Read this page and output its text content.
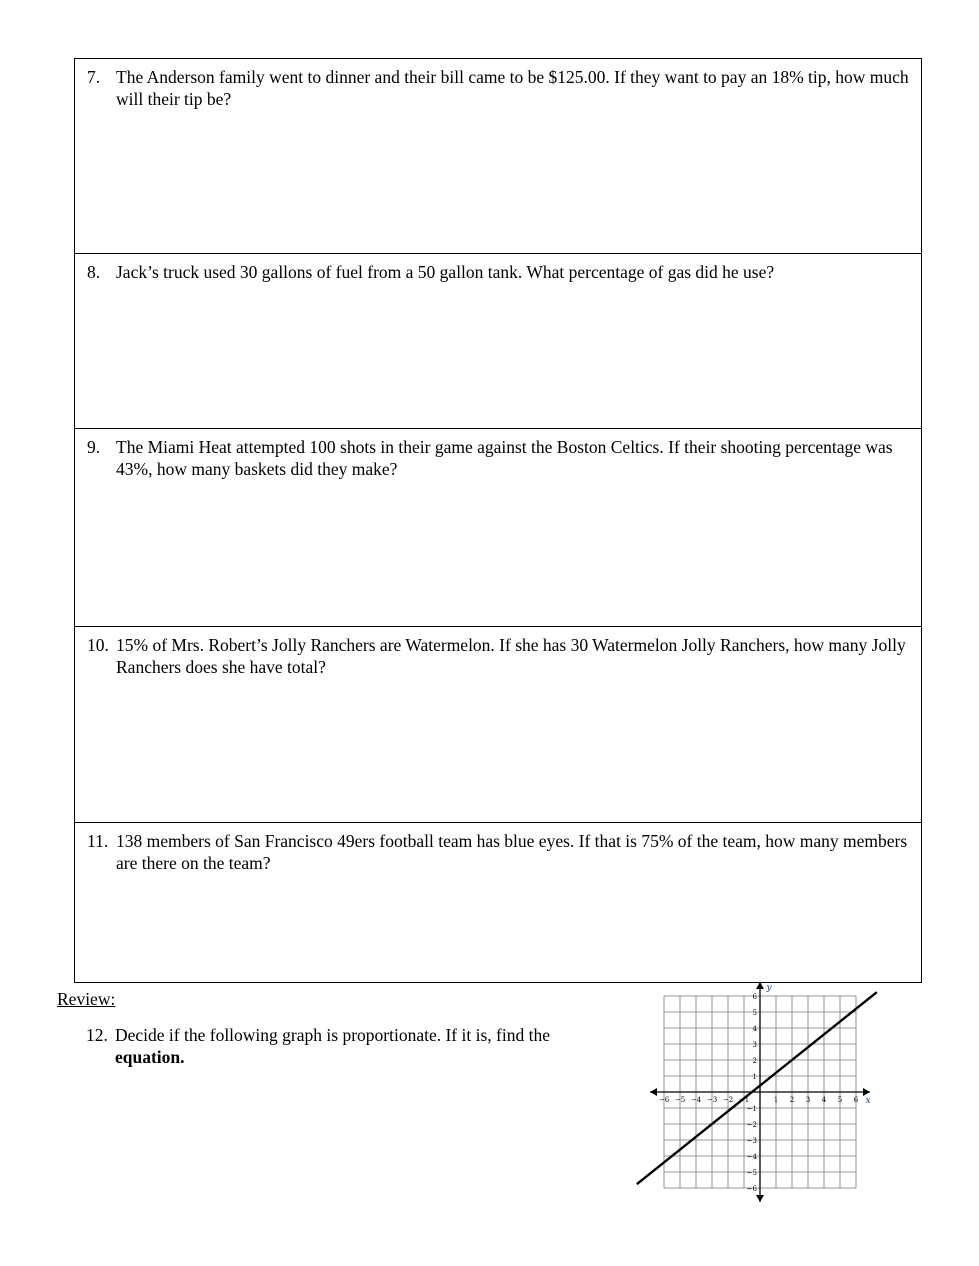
7. The Anderson family went to dinner and their bill came to be $125.00. If they want to pay an 18% tip, how much will their tip be?
8. Jack’s truck used 30 gallons of fuel from a 50 gallon tank. What percentage of gas did he use?
9. The Miami Heat attempted 100 shots in their game against the Boston Celtics. If their shooting percentage was 43%, how many baskets did they make?
10. 15% of Mrs. Robert’s Jolly Ranchers are Watermelon. If she has 30 Watermelon Jolly Ranchers, how many Jolly Ranchers does she have total?
11. 138 members of San Francisco 49ers football team has blue eyes. If that is 75% of the team, how many members are there on the team?
Review:
12. Decide if the following graph is proportionate. If it is, find the equation.
−6 −5 −4 −3 −2 −1	1 2 3 4 5 6
6
5
4
3
2
1
−1
−2
−3
−4
−5
−6
x
y
